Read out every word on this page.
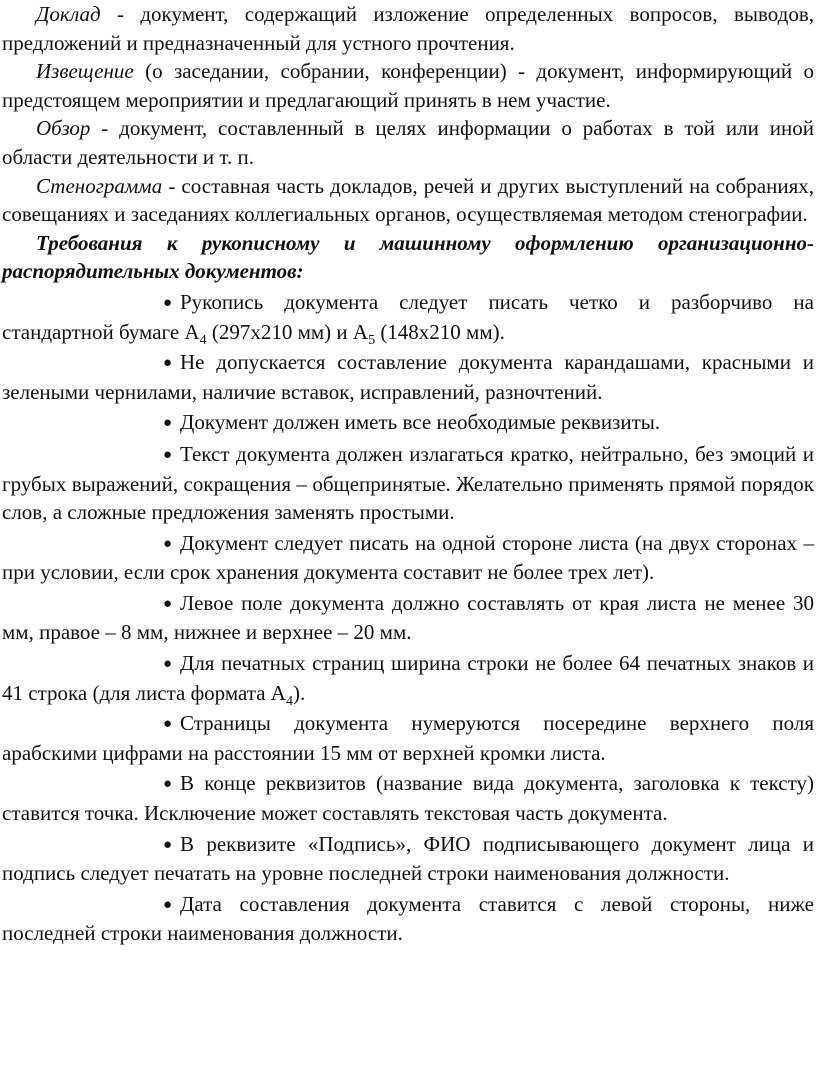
Доклад - документ, содержащий изложение определенных вопросов, выводов, предложений и предназначенный для устного прочтения.

Извещение (о заседании, собрании, конференции) - документ, информирующий о предстоящем мероприятии и предлагающий принять в нем участие.

Обзор - документ, составленный в целях информации о работах в той или иной области деятельности и т. п.

Стенограмма - составная часть докладов, речей и других выступлений на собраниях, совещаниях и заседаниях коллегиальных органов, осуществляемая методом стенографии.

Требования к рукописному и машинному оформлению организационно-распорядительных документов:

● Рукопись документа следует писать четко и разборчиво на стандартной бумаге $А_4$ (297х210 мм) и $А_5$ (148х210 мм).

● Не допускается составление документа карандашами, красными и зелеными чернилами, наличие вставок, исправлений, разночтений.

● Документ должен иметь все необходимые реквизиты.

● Текст документа должен излагаться кратко, нейтрально, без эмоций и грубых выражений, сокращения – общепринятые. Желательно применять прямой порядок слов, а сложные предложения заменять простыми.

● Документ следует писать на одной стороне листа (на двух сторонах – при условии, если срок хранения документа составит не более трех лет).

● Левое поле документа должно составлять от края листа не менее 30 мм, правое – 8 мм, нижнее и верхнее – 20 мм.

● Для печатных страниц ширина строки не более 64 печатных знаков и 41 строка (для листа формата $А_4$).

● Страницы документа нумеруются посередине верхнего поля арабскими цифрами на расстоянии 15 мм от верхней кромки листа.

● В конце реквизитов (название вида документа, заголовка к тексту) ставится точка. Исключение может составлять текстовая часть документа.

● В реквизите «Подпись», ФИО подписывающего документ лица и подпись следует печатать на уровне последней строки наименования должности.

● Дата составления документа ставится с левой стороны, ниже последней строки наименования должности.
